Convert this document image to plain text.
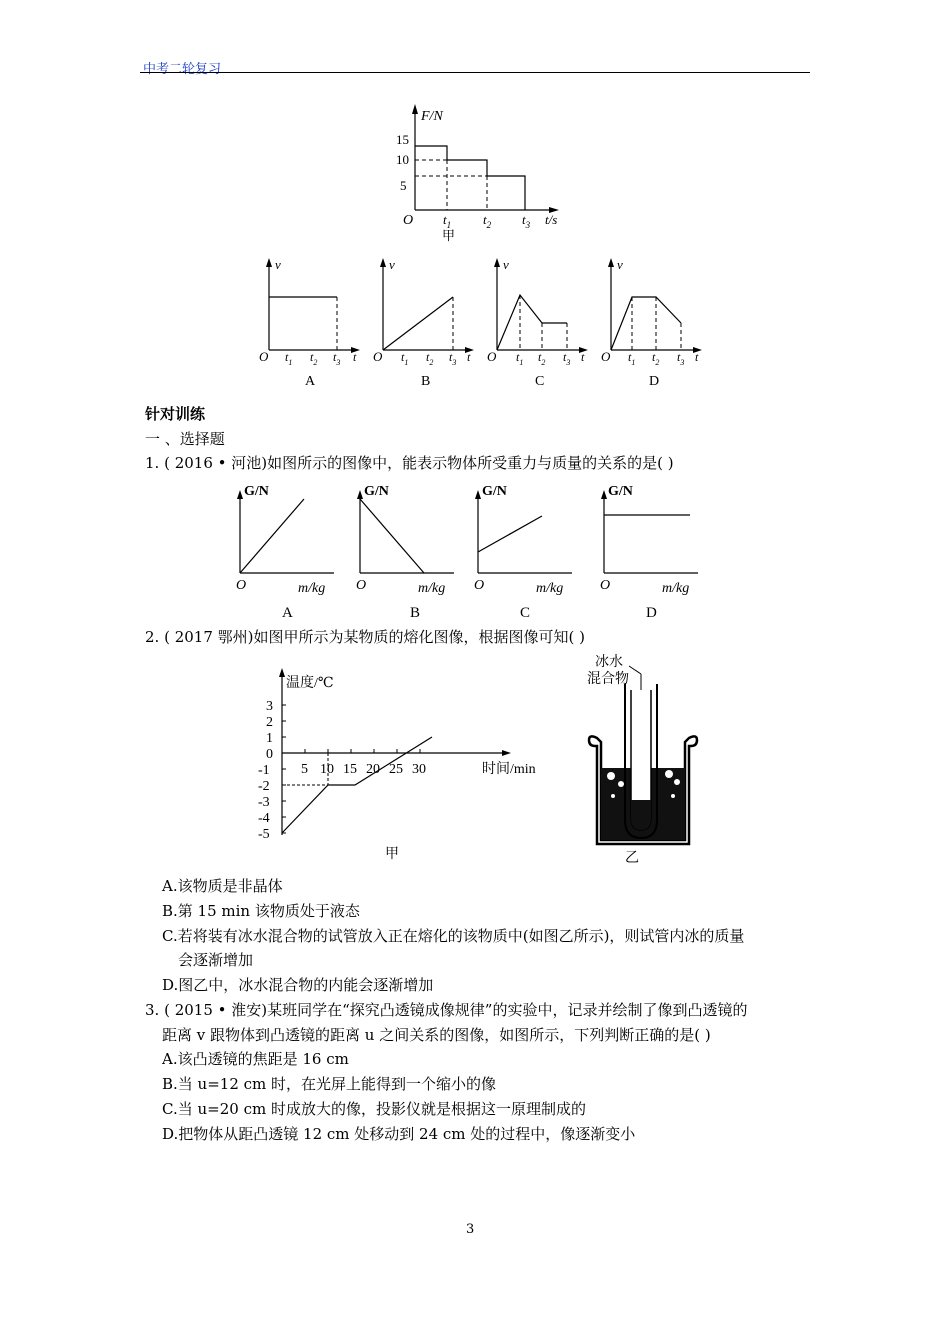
中考二轮复习
F/N
15
10
5
O $t_1$ $t_2$ $t_3$ t/s
甲
v
O $t_1$ $t_2$ $t_3$ t
A
v
O $t_1$ $t_2$ $t_3$ t
B
v
O $t_1$ $t_2$ $t_3$ t
C
v
O $t_1$ $t_2$ $t_3$ t
D
针对训练
一 、选择题
1. ( 2016 • 河池)如图所示的图像中，能表示物体所受重力与质量的关系的是( )
G/N
O	m/kg
A
G/N
O	m/kg
B
G/N
O	m/kg
C
G/N
O	m/kg
D
2. ( 2017 鄂州)如图甲所示为某物质的熔化图像，根据图像可知( )
3
2
1
0
-1
-2
-3
-4
-5
5 10 15 20 25 30
温度/℃
时间/min
甲
冰水
混合物
乙
A.该物质是非晶体
B.第 15 min 该物质处于液态
C.若将装有冰水混合物的试管放入正在熔化的该物质中(如图乙所示)，则试管内冰的质量
会逐渐增加
D.图乙中，冰水混合物的内能会逐渐增加
3. ( 2015 • 淮安)某班同学在“探究凸透镜成像规律”的实验中，记录并绘制了像到凸透镜的
距离 v 跟物体到凸透镜的距离 u 之间关系的图像，如图所示，下列判断正确的是( )
A.该凸透镜的焦距是 16 cm
B.当 u=12 cm 时，在光屏上能得到一个缩小的像
C.当 u=20 cm 时成放大的像，投影仪就是根据这一原理制成的
D.把物体从距凸透镜 12 cm 处移动到 24 cm 处的过程中，像逐渐变小
3
